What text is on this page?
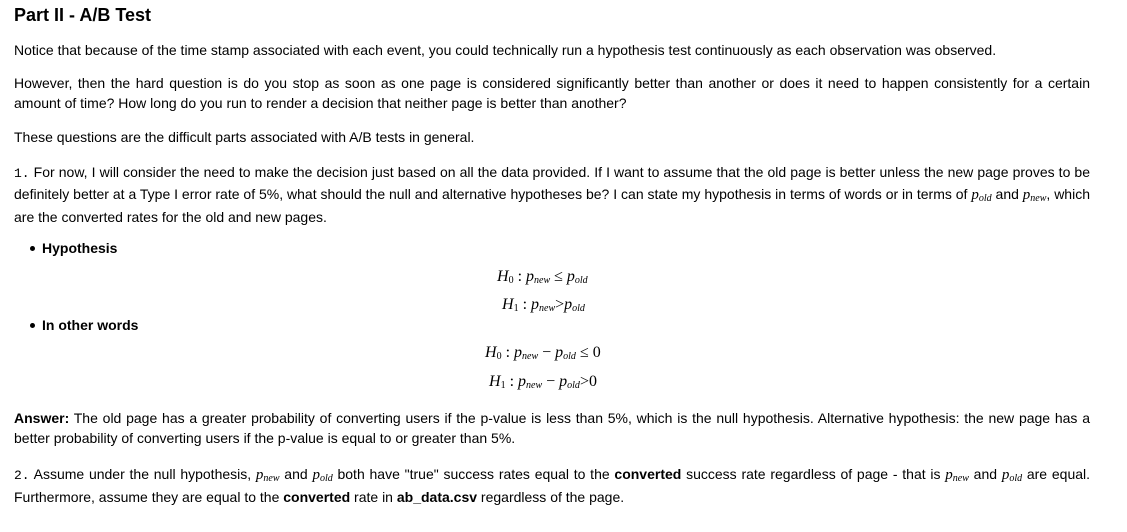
Part II - A/B Test

Notice that because of the time stamp associated with each event, you could technically run a hypothesis test continuously as each observation was observed.

However, then the hard question is do you stop as soon as one page is considered significantly better than another or does it need to happen consistently for a certain amount of time? How long do you run to render a decision that neither page is better than another?

These questions are the difficult parts associated with A/B tests in general.

1. For now, I will consider the need to make the decision just based on all the data provided. If I want to assume that the old page is better unless the new page proves to be definitely better at a Type I error rate of 5%, what should the null and alternative hypotheses be? I can state my hypothesis in terms of words or in terms of pold and pnew, which are the converted rates for the old and new pages.

Hypothesis
H0 : pnew ≤ pold
H1 : pnew>pold
In other words
H0 : pnew − pold ≤ 0
H1 : pnew − pold>0

Answer: The old page has a greater probability of converting users if the p-value is less than 5%, which is the null hypothesis. Alternative hypothesis: the new page has a better probability of converting users if the p-value is equal to or greater than 5%.

2. Assume under the null hypothesis, pnew and pold both have "true" success rates equal to the converted success rate regardless of page - that is pnew and pold are equal. Furthermore, assume they are equal to the converted rate in ab_data.csv regardless of the page.
